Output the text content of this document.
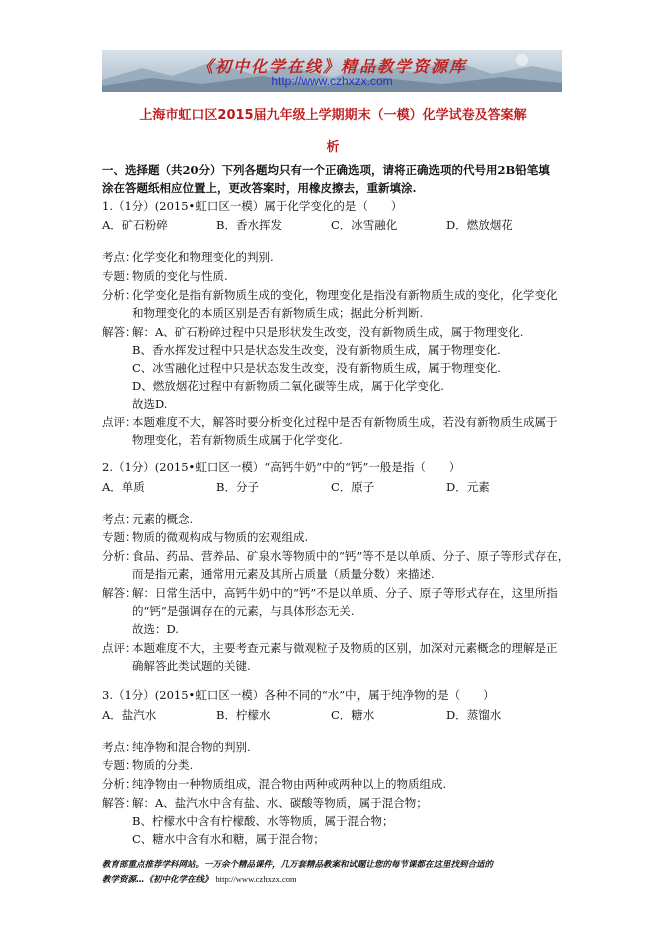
《初中化学在线》精品教学资源库
http://www.czhxzx.com
上海市虹口区2015届九年级上学期期末（一模）化学试卷及答案解
析
一、选择题（共20分）下列各题均只有一个正确选项，请将正确选项的代号用2B铅笔填
涂在答题纸相应位置上，更改答案时，用橡皮擦去，重新填涂.
1.（1分）(2015•虹口区一模）属于化学变化的是（　　）
A．矿石粉碎	B．香水挥发	C．冰雪融化	D．燃放烟花
考点：
化学变化和物理变化的判别.
专题：
物质的变化与性质.
分析：
化学变化是指有新物质生成的变化，物理变化是指没有新物质生成的变化，化学变化
和物理变化的本质区别是否有新物质生成；据此分析判断.
解答：
解：A、矿石粉碎过程中只是形状发生改变，没有新物质生成，属于物理变化.
B、香水挥发过程中只是状态发生改变，没有新物质生成，属于物理变化.
C、冰雪融化过程中只是状态发生改变，没有新物质生成，属于物理变化.
D、燃放烟花过程中有新物质二氧化碳等生成，属于化学变化.
故选D.
点评：
本题难度不大，解答时要分析变化过程中是否有新物质生成，若没有新物质生成属于
物理变化，若有新物质生成属于化学变化.
2.（1分）(2015•虹口区一模）“高钙牛奶”中的“钙”一般是指（　　）
A．单质	B．分子	C．原子	D．元素
考点：
元素的概念.
专题：
物质的微观构成与物质的宏观组成.
分析：
食品、药品、营养品、矿泉水等物质中的“钙”等不是以单质、分子、原子等形式存在，
而是指元素，通常用元素及其所占质量（质量分数）来描述.
解答：
解：日常生活中，高钙牛奶中的“钙”不是以单质、分子、原子等形式存在，这里所指
的“钙”是强调存在的元素，与具体形态无关.
故选：D.
点评：
本题难度不大，主要考查元素与微观粒子及物质的区别，加深对元素概念的理解是正
确解答此类试题的关键.
3.（1分）(2015•虹口区一模）各种不同的“水”中，属于纯净物的是（　　）
A．盐汽水	B．柠檬水	C．糖水	D．蒸馏水
考点：
纯净物和混合物的判别.
专题：
物质的分类.
分析：
纯净物由一种物质组成，混合物由两种或两种以上的物质组成.
解答：
解：A、盐汽水中含有盐、水、碳酸等物质，属于混合物；
B、柠檬水中含有柠檬酸、水等物质，属于混合物；
C、糖水中含有水和糖，属于混合物；
教育部重点推荐学科网站。一万余个精品课件，几万套精品教案和试题让您的每节课都在这里找到合适的
教学资源…《初中化学在线》 http://www.czhxzx.com
